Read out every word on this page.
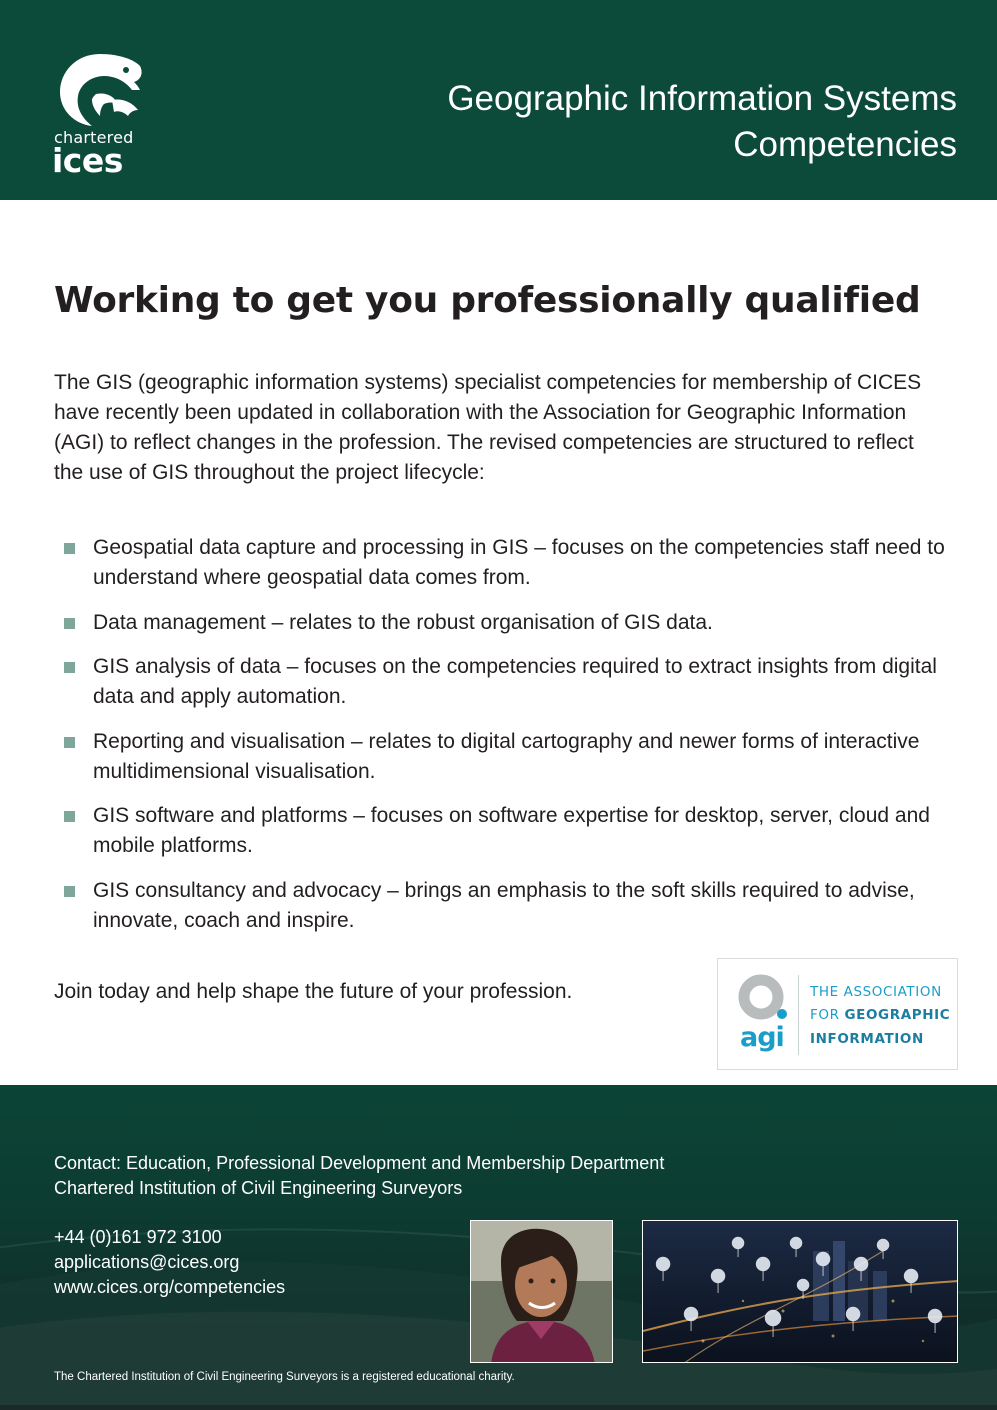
chartered
ices
Geographic Information Systems
Competencies
Working to get you professionally qualified

The GIS (geographic information systems) specialist competencies for membership of CICES have recently been updated in collaboration with the Association for Geographic Information (AGI) to reflect changes in the profession. The revised competencies are structured to reflect the use of GIS throughout the project lifecycle:

Geospatial data capture and processing in GIS – focuses on the competencies staff need to understand where geospatial data comes from.
Data management – relates to the robust organisation of GIS data.
GIS analysis of data – focuses on the competencies required to extract insights from digital data and apply automation.
Reporting and visualisation – relates to digital cartography and newer forms of interactive multidimensional visualisation.
GIS software and platforms – focuses on software expertise for desktop, server, cloud and mobile platforms.
GIS consultancy and advocacy – brings an emphasis to the soft skills required to advise, innovate, coach and inspire.

Join today and help shape the future of your profession.

agi
THE ASSOCIATION
FOR GEOGRAPHIC
INFORMATION
Contact: Education, Professional Development and Membership Department
Chartered Institution of Civil Engineering Surveyors
+44 (0)161 972 3100
applications@cices.org
www.cices.org/competencies
The Chartered Institution of Civil Engineering Surveyors is a registered educational charity.
